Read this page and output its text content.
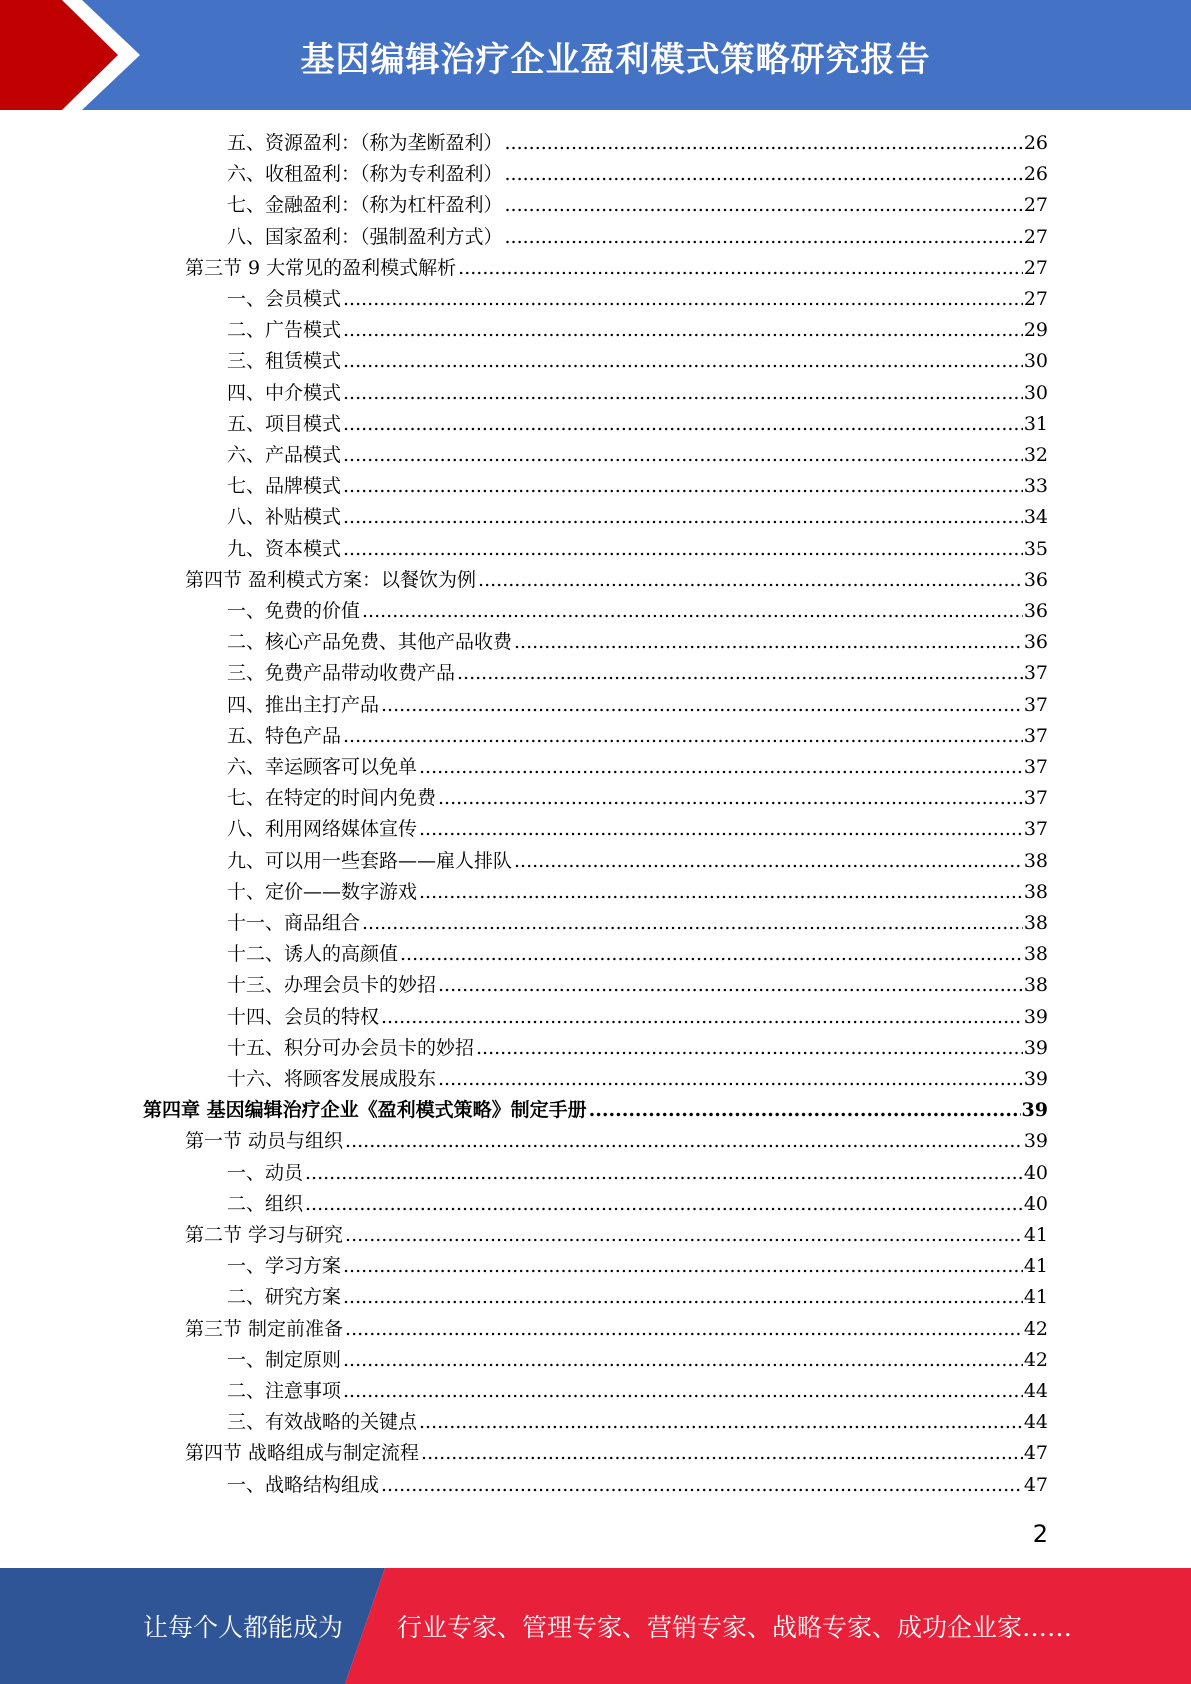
基因编辑治疗企业盈利模式策略研究报告
五、资源盈利：（称为垄断盈利） .....	26
六、收租盈利：（称为专利盈利） .....	26
七、金融盈利：（称为杠杆盈利） .....	27
八、国家盈利：（强制盈利方式） .....	27
第三节 9 大常见的盈利模式解析 .....	27
一、会员模式 .....	27
二、广告模式 .....	29
三、租赁模式 .....	30
四、中介模式 .....	30
五、项目模式 .....	31
六、产品模式 .....	32
七、品牌模式 .....	33
八、补贴模式 .....	34
九、资本模式 .....	35
第四节 盈利模式方案：以餐饮为例 .....	36
一、免费的价值 .....	36
二、核心产品免费、其他产品收费 .....	36
三、免费产品带动收费产品 .....	37
四、推出主打产品 .....	37
五、特色产品 .....	37
六、幸运顾客可以免单 .....	37
七、在特定的时间内免费 .....	37
八、利用网络媒体宣传 .....	37
九、可以用一些套路——雇人排队 .....	38
十、定价——数字游戏 .....	38
十一、商品组合 .....	38
十二、诱人的高颜值 .....	38
十三、办理会员卡的妙招 .....	38
十四、会员的特权 .....	39
十五、积分可办会员卡的妙招 .....	39
十六、将顾客发展成股东 .....	39
第四章 基因编辑治疗企业《盈利模式策略》制定手册 .....	39
第一节 动员与组织 .....	39
一、动员 .....	40
二、组织 .....	40
第二节 学习与研究 .....	41
一、学习方案 .....	41
二、研究方案 .....	41
第三节 制定前准备 .....	42
一、制定原则 .....	42
二、注意事项 .....	44
三、有效战略的关键点 .....	44
第四节 战略组成与制定流程 .....	47
一、战略结构组成 .....	47
2
让每个人都能成为 行业专家、管理专家、营销专家、战略专家、成功企业家……
